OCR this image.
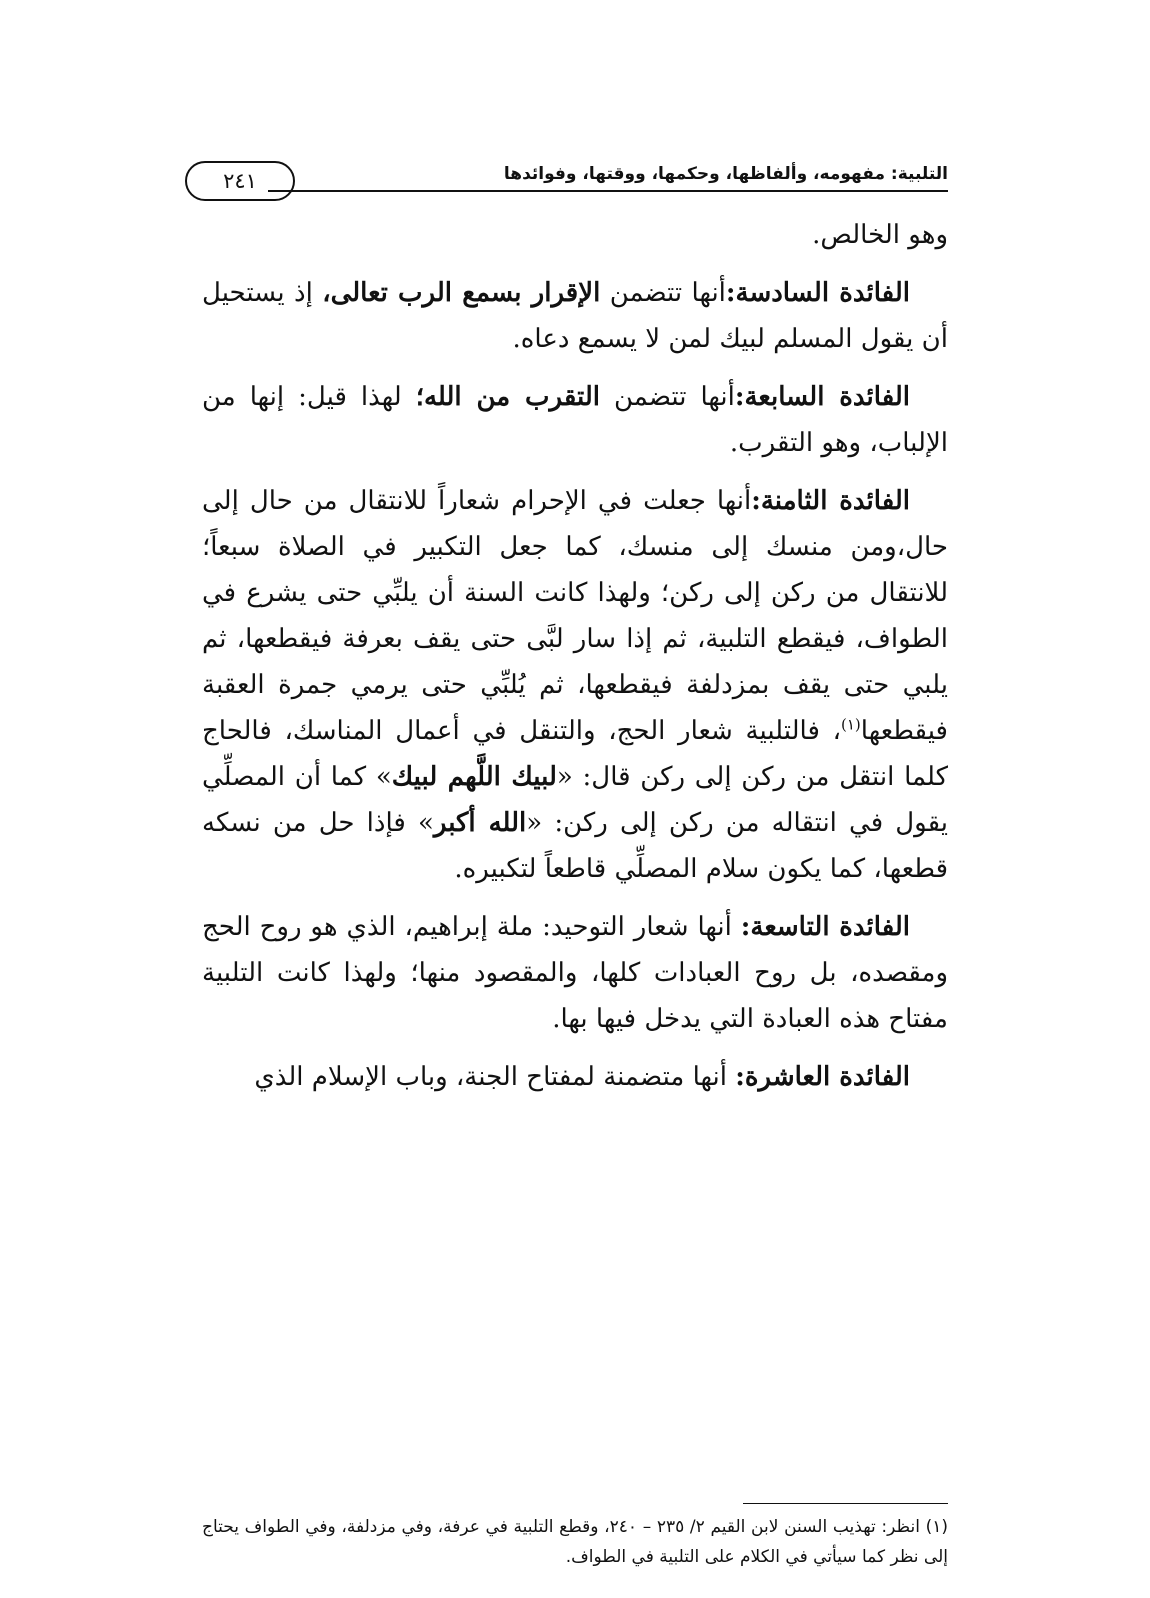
التلبية: مفهومه، وألفاظها، وحكمها، ووقتها، وفوائدها
٢٤١

وهو الخالص.

الفائدة السادسة:أنها تتضمن الإقرار بسمع الرب تعالى، إذ يستحيل أن يقول المسلم لبيك لمن لا يسمع دعاه.

الفائدة السابعة:أنها تتضمن التقرب من الله؛ لهذا قيل: إنها من الإلباب، وهو التقرب.

الفائدة الثامنة:أنها جعلت في الإحرام شعاراً للانتقال من حال إلى حال،ومن منسك إلى منسك، كما جعل التكبير في الصلاة سبعاً؛ للانتقال من ركن إلى ركن؛ ولهذا كانت السنة أن يلبِّي حتى يشرع في الطواف، فيقطع التلبية، ثم إذا سار لبَّى حتى يقف بعرفة فيقطعها، ثم يلبي حتى يقف بمزدلفة فيقطعها، ثم يُلبِّي حتى يرمي جمرة العقبة فيقطعها$^{(١)}$، فالتلبية شعار الحج، والتنقل في أعمال المناسك، فالحاج كلما انتقل من ركن إلى ركن قال: «لبيك اللَّهم لبيك» كما أن المصلِّي يقول في انتقاله من ركن إلى ركن: «الله أكبر» فإذا حل من نسكه قطعها، كما يكون سلام المصلِّي قاطعاً لتكبيره.

الفائدة التاسعة: أنها شعار التوحيد: ملة إبراهيم، الذي هو روح الحج ومقصده، بل روح العبادات كلها، والمقصود منها؛ ولهذا كانت التلبية مفتاح هذه العبادة التي يدخل فيها بها.

الفائدة العاشرة: أنها متضمنة لمفتاح الجنة، وباب الإسلام الذي

(١) انظر: تهذيب السنن لابن القيم ٢/ ٢٣٥ – ٢٤٠، وقطع التلبية في عرفة، وفي مزدلفة، وفي الطواف يحتاج إلى نظر كما سيأتي في الكلام على التلبية في الطواف.
